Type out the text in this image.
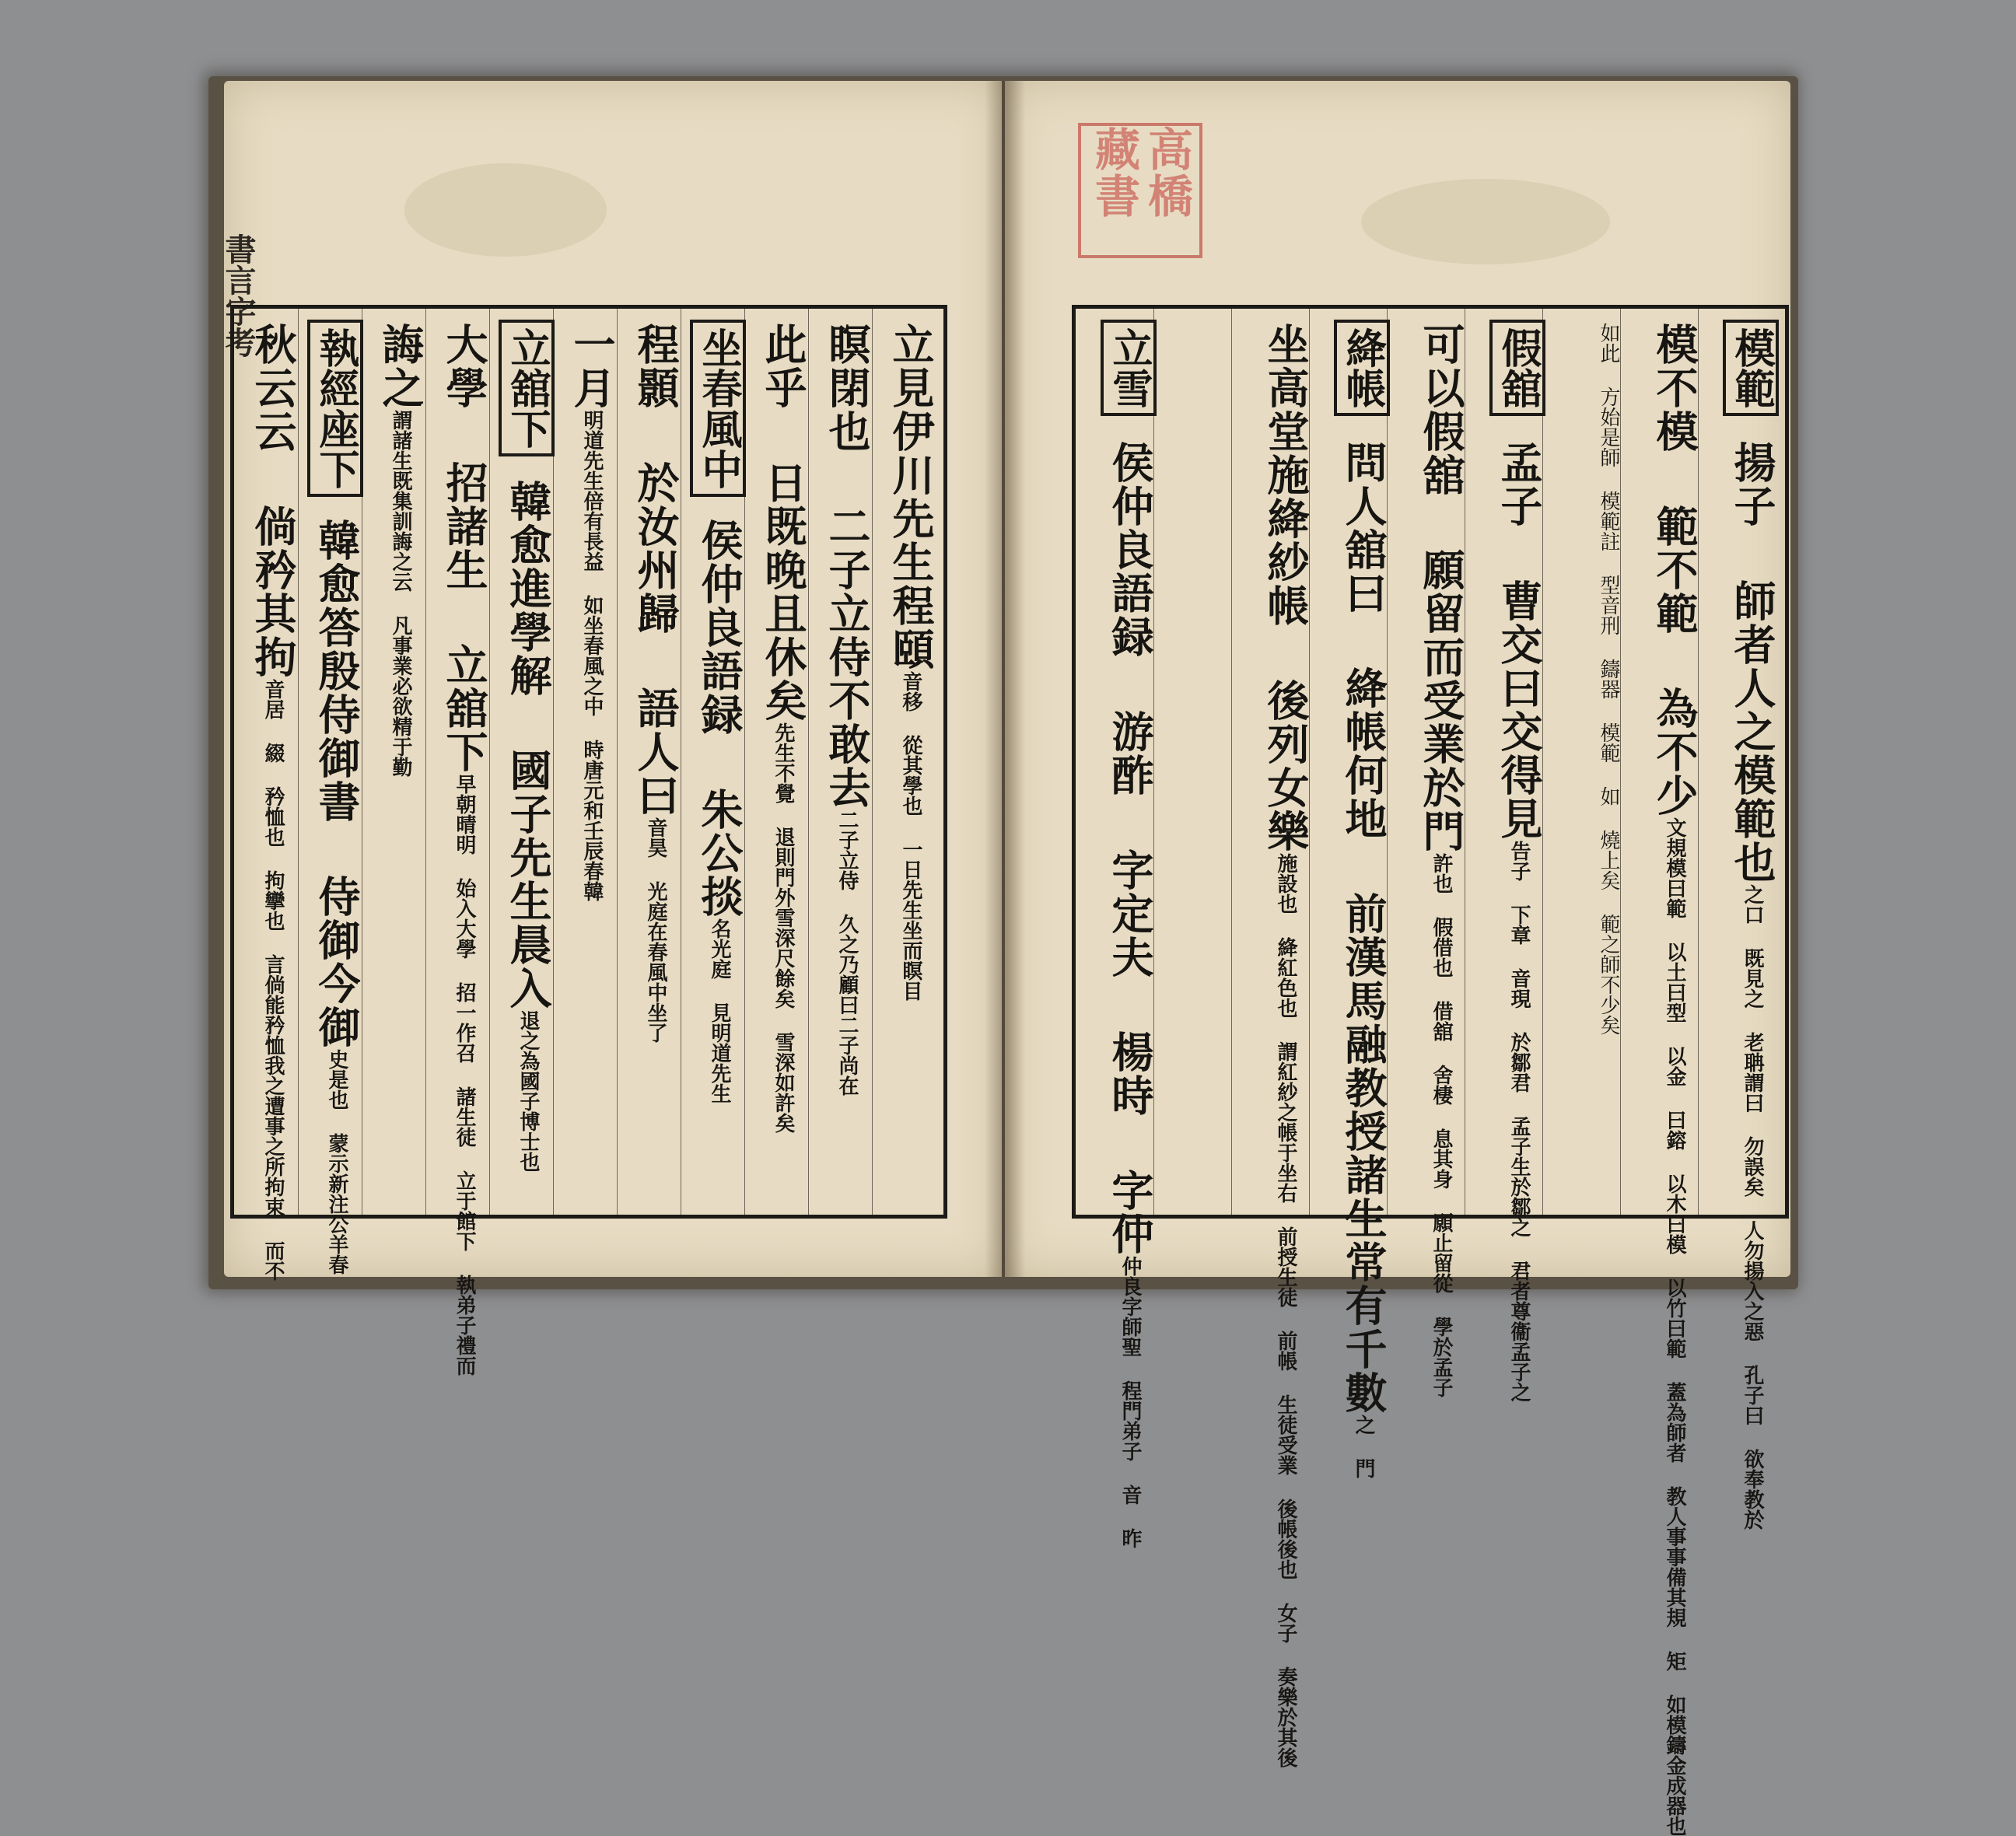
書言字考
高橋藏書
立見伊川先生程頤音移 從其學也 一日先生坐而瞑目
瞑閉也 二子立侍不敢去二子立侍 久之乃顧曰二子尚在
此乎 日既晚且休矣先生不覺 退則門外雪深尺餘矣 雪深如許矣
坐春風中
侯仲良語録 朱公掞名光庭 見明道先生
程顥 於汝州歸 語人曰音昊 光庭在春風中坐了
一月明道先生倍有長益 如坐春風之中 時唐元和壬辰春韓
立舘下
韓愈進學解 國子先生晨入退之為國子博士也
大學 招諸生 立舘下早朝晴明 始入大學 招一作召 諸生徒 立于館下 執弟子禮而
誨之謂諸生既集訓誨之云 凡事業必欲精于勤
執經座下
韓愈答殷侍御書 侍御今御史是也 蒙示新注公羊春
秋云云 倘矜其拘音居 綴 矜恤也 拘攣也 言倘能矜恤我之遭事之所拘束 而不
模範
揚子 師者人之模範也之口 既見之 老聃謂曰 勿誤矣 人勿揚入之惡 孔子曰 欲奉教於
模不模 範不範 為不少文規模曰範 以土曰型 以金 曰鎔 以木曰模 以竹曰範 蓋為師者 教人事事備其規 矩 如模鑄金成器也
如此 方始是師 模範註 型音刑 鑄器 模範 如 燒上矣 範之師不少矣
假舘
孟子 曹交曰交得見告子 下章 音現 於鄒君 孟子生於鄒之 君者尊衞孟子之
可以假舘 願留而受業於門許也 假借也 借舘 舍棲 息其身 願止留從 學於孟子
絳帳
問人舘曰 絳帳何地 前漢馬融教授諸生常有千數之 門
坐高堂施絳紗帳 後列女樂施設也 絳紅色也 謂紅紗之帳于坐右 前授生徒 前帳 生徒受業 後帳後也 女子 奏樂於其後
立雪
侯仲良語録 游酢 字定夫 楊時 字仲仲良字師聖 程門弟子 音 昨
